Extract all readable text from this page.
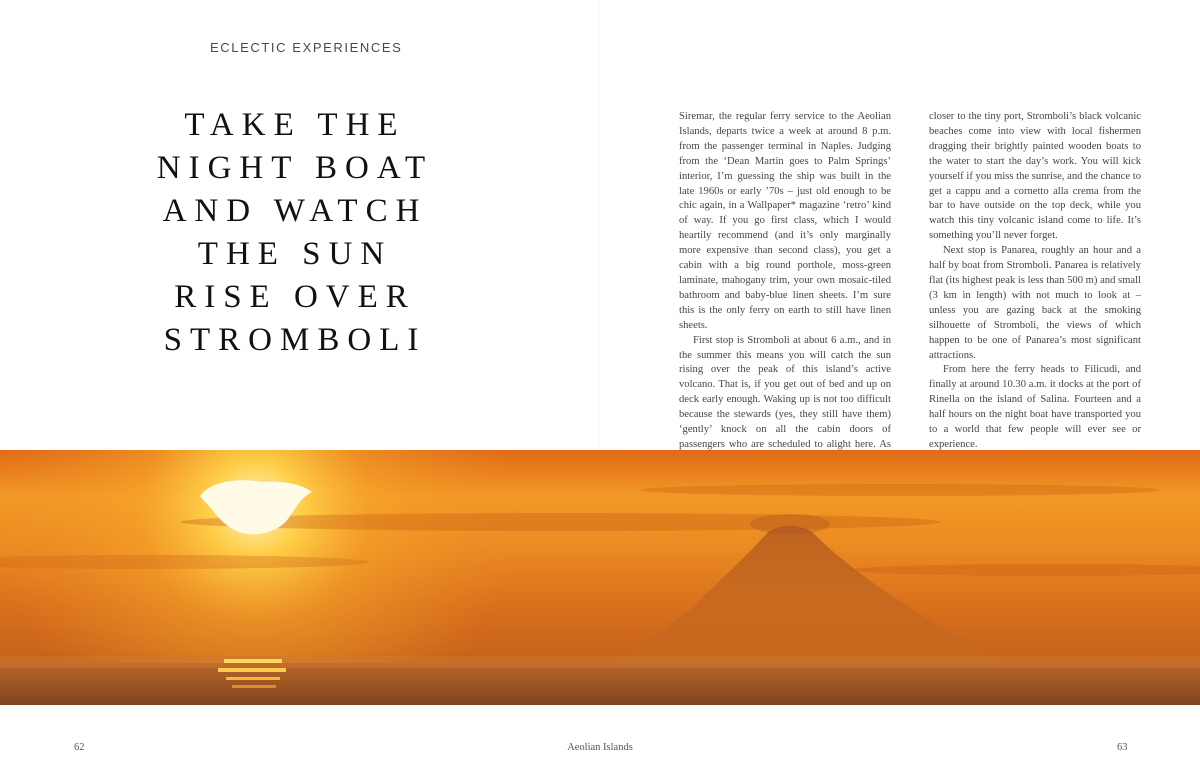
ECLECTIC EXPERIENCES
TAKE THE
NIGHT BOAT
AND WATCH
THE SUN
RISE OVER
STROMBOLI

Siremar, the regular ferry service to the Aeolian Islands, departs twice a week at around 8 p.m. from the passenger terminal in Naples. Judging from the ‘Dean Martin goes to Palm Springs’ interior, I’m guessing the ship was built in the late 1960s or early ’70s – just old enough to be chic again, in a Wallpaper* magazine ‘retro’ kind of way. If you go first class, which I would heartily recommend (and it’s only marginally more expensive than second class), you get a cabin with a big round porthole, moss-green laminate, mahogany trim, your own mosaic-tiled bathroom and baby-blue linen sheets. I’m sure this is the only ferry on earth to still have linen sheets.

First stop is Stromboli at about 6 a.m., and in the summer this means you will catch the sun rising over the peak of this island’s active volcano. That is, if you get out of bed and up on deck early enough. Waking up is not too difficult because the stewards (yes, they still have them) ‘gently’ knock on all the cabin doors of passengers who are scheduled to alight here. As

closer to the tiny port, Stromboli’s black volcanic beaches come into view with local fishermen dragging their brightly painted wooden boats to the water to start the day’s work. You will kick yourself if you miss the sunrise, and the chance to get a cappu and a cornetto alla crema from the bar to have outside on the top deck, while you watch this tiny volcanic island come to life. It’s something you’ll never forget.

Next stop is Panarea, roughly an hour and a half by boat from Stromboli. Panarea is relatively flat (its highest peak is less than 500 m) and small (3 km in length) with not much to look at – unless you are gazing back at the smoking silhouette of Stromboli, the views of which happen to be one of Panarea’s most significant attractions.

From here the ferry heads to Filicudi, and finally at around 10.30 a.m. it docks at the port of Rinella on the island of Salina. Fourteen and a half hours on the night boat have transported you to a world that few people will ever see or experience.

62	Aeolian Islands	63
